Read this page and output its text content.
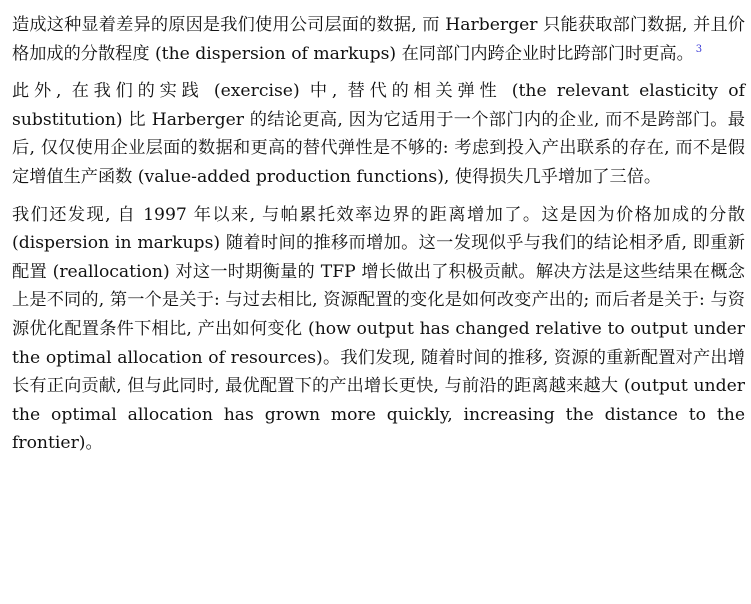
造成这种显着差异的原因是我们使用公司层面的数据, 而 Harberger 只能获取部门数据, 并且价格加成的分散程度 (the dispersion of markups) 在同部门内跨企业时比跨部门时更高。 $^3$

此外, 在我们的实践 (exercise) 中, 替代的相关弹性 (the relevant elasticity of substitution) 比 Harberger 的结论更高, 因为它适用于一个部门内的企业, 而不是跨部门。最后, 仅仅使用企业层面的数据和更高的替代弹性是不够的: 考虑到投入产出联系的存在, 而不是假定增值生产函数 (value-added production functions), 使得损失几乎增加了三倍。

我们还发现, 自 1997 年以来, 与帕累托效率边界的距离增加了。这是因为价格加成的分散 (dispersion in markups) 随着时间的推移而增加。这一发现似乎与我们的结论相矛盾, 即重新配置 (reallocation) 对这一时期衡量的 TFP 增长做出了积极贡献。解决方法是这些结果在概念上是不同的, 第一个是关于: 与过去相比, 资源配置的变化是如何改变产出的; 而后者是关于: 与资源优化配置条件下相比, 产出如何变化 (how output has changed relative to output under the optimal allocation of resources)。我们发现, 随着时间的推移, 资源的重新配置对产出增长有正向贡献, 但与此同时, 最优配置下的产出增长更快, 与前沿的距离越来越大 (output under the optimal allocation has grown more quickly, increasing the distance to the frontier)。
